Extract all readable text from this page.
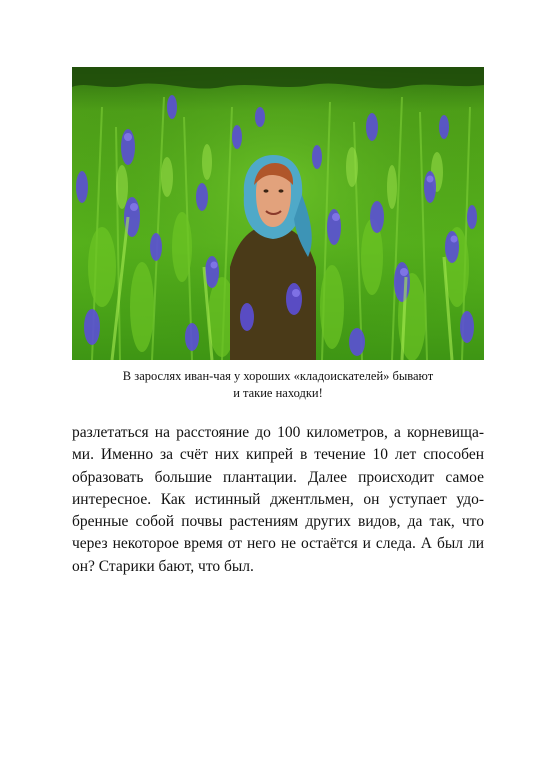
В зарослях иван-чая у хороших «кладоискателей» бывают
и такие находки!

разлетаться на расстояние до 100 километров, а корневища-
ми. Именно за счёт них кипрей в течение 10 лет способен
образовать большие плантации. Далее происходит самое
интересное. Как истинный джентльмен, он уступает удо-
бренные собой почвы растениям других видов, да так, что
через некоторое время от него не остаётся и следа. А был ли
он? Старики бают, что был.
